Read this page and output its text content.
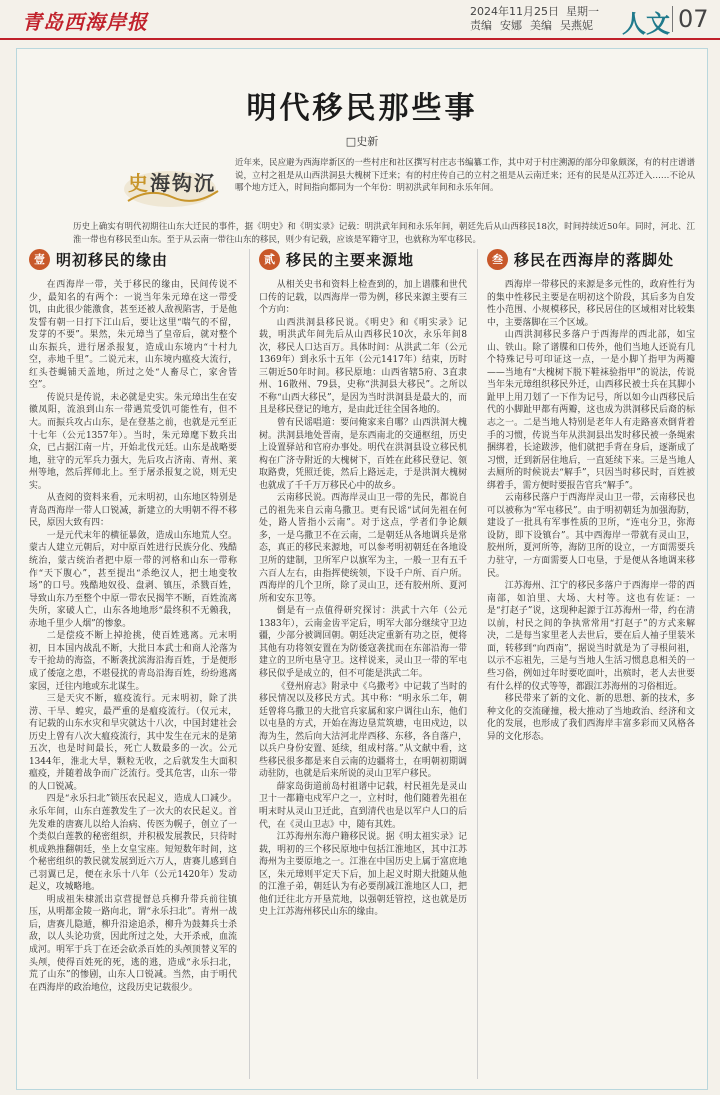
青岛西海岸报	2024年11月25日 星期一
责编 安娜 美编 吴燕妮	人文 07
明代移民那些事
□史新
史海钩沉
近年来，民应避为西海岸新区的一些村庄和社区撰写村庄志书编纂工作，其中对于村庄溯源的部分印象颇深，有的村庄谱谱说，立村之祖是从山西洪洞县大槐树下迁来；有的村庄传自己的立村之祖是从云南迁来；还有的民是从江苏迁入……不论从哪个地方迁入，时间指向都同为一个年份：明初洪武年间和永乐年间。
历史上确实有明代初期往山东大迁民的事件，据《明史》和《明实录》记载：明洪武年间和永乐年间，朝廷先后从山西移民18次，时间持续近50年。同时，河北、江淮一带也有移民至山东。至于从云南一带往山东的移民，则少有记载，应该是军籍守卫，也就称为军屯移民。
壹 明初移民的缘由

在西海岸一带，关于移民的缘由，民间传说不少，最知名的有两个：一说当年朱元璋在这一带受饥，由此很少能激食，甚至还被人敌视陷害，于是他发誓有朝一日打下江山后，要让这里“喘气的不留，发芽的不要”。果然，朱元璋当了皇帝后，就对整个山东振兵，进行屠杀报复，造成山东境内“十村九空，赤地千里”。二说元末，山东境内瘟疫大流行，红头苍蝇铺天盖地，所过之处“人畜尽亡，家舍皆空”。

传说只是传说，未必就是史实。朱元璋出生在安徽凤阳，流浪到山东一带遇荒受饥可能性有，但不大。而振兵攻占山东，是在登基之前，也就是元至正十七年（公元1357年）。当时，朱元璋麾下数兵出众，已占据江南一片，开始北伐元廷。山东是战略要地，驻守的元军兵力强大，先后攻占济南、青州、莱州等地，然后挥师北上。至于屠杀报复之说，则无史实。

从查阅的资料来看，元末明初，山东地区特别是青岛西海岸一带人口锐减，新建立的大明朝不得不移民，原因大致有四：

一是元代末年的横征暴敛，造成山东地荒人空。蒙古人建立元朝后，对中原百姓进行民族分化、残酷统治，蒙古统治者把中原一带的河格和山东一带称作“天下腹心”，甚至提出“杀绝汉人，把土地变牧场”的口号。残酷地奴役、盘剥、镇压，杀戮百姓，导致山东乃至整个中原一带农民揭竿不断，百姓流离失所，家破人亡，山东各地地形“最终积不无赖我，赤地千里少人烟”的惨象。

二是偿疫不断上掉抢挑，使百姓逃离。元末明初，日本国内战乱不断，大批日本武士和商人沦落为专干抢劫的海盗，不断袭扰滨海沿海百姓，于是便形成了倭寇之患，不堪侵扰的青岛沿海百姓，纷纷逃离家园，迁往内地或东北谋生。

三是天灾不断，瘟疫流行。元末明初，除了洪涝、干旱、蝗灾，最严重的是瘟疫流行。（仅元末，有记载的山东水灾和旱灾就达十八次，中国封建社会历史上曾有八次大瘟疫流行，其中发生在元末的是第五次，也是时间最长，死亡人数最多的一次。公元1344年，淮北大旱，颗粒无收，之后就发生大面积瘟疫，并随着战争而广泛流行。受其危害，山东一带的人口锐减。

四是“永乐扫北”锁压农民起义，造成人口减少。永乐年间，山东白莲教发生了一次大的农民起义。首先发难的唐赛儿以给人治病、传医为幌子，创立了一个类似白莲教的秘密组织，并积极发展教民，只待时机成熟推翻朝廷，坐上女皇宝座。短短数年时间，这个秘密组织的教民就发展到近六万人，唐赛儿感到自己羽翼已足，便在永乐十八年（公元1420年）发动起义，攻城略地。

明成祖朱棣派出京营提督总兵柳升带兵前往镇压，从明都金陵一路向北，谓“永乐扫北”。青州一战后，唐赛儿隐遁，柳升沿途追杀，柳升为鼓舞兵士杀敌，以人头论功赏，因此所过之处，大开杀戒，血流成河。明军于兵丁在还会砍杀百姓的头颅顶替义军的头颅，使得百姓死的死，逃的逃，造成“永乐扫北，荒了山东”的惨剧，山东人口锐减。当然，由于明代在西海岸的政治地位，这段历史记载很少。

贰 移民的主要来源地

从相关史书和资料上检查到的，加上谱牒和世代口传的记载，以西海岸一带为例，移民来源主要有三个方向：

山西洪洞县移民说。《明史》和《明实录》记载，明洪武年间先后从山西移民10次，永乐年间8次，移民人口达百万。具体时间：从洪武二年（公元1369年）到永乐十五年（公元1417年）结束，历时三朝近50年时间。移民原地：山西省辖5府、3直隶州、16散州、79县，史称“洪洞县大移民”。之所以不称“山西大移民”，是因为当时洪洞县是最大的，而且是移民登记的地方，是由此迁往全国各地的。

曾有民谣唱道：要问俺家来自哪？山西洪洞大槐树。洪洞县地处晋南，是东西南北的交通枢纽，历史上设置驿站和官府办事处。明代在洪洞县设立移民机构在广济寺附近的大槐树下，百姓在此移民登记、领取路费，凭照迁徙，然后上路远走，于是洪洞大槐树也就成了千千万万移民心中的故乡。

云南移民说。西海岸灵山卫一带的先民，都说自己的祖先来自云南乌撒卫。更有民谣“试问先祖在何处，路人皆指小云南”。对于这点，学者们争论颇多，一是乌撒卫不在云南，二是朝廷从各地调兵是常态，真正的移民来源地，可以参考明初朝廷在各地设卫所的建制，卫所军户以旗军为主，一般一卫有五千六百人左右，由指挥使统领，下设千户所、百户所。西海岸的几个卫所，除了灵山卫，还有胶州所、夏河所和安东卫等。

倒是有一点值得研究探讨：洪武十六年（公元1383年），云南金齿平定后，明军大部分继续守卫边疆，少部分被调回朝。朝廷决定重新有功之臣，便将其他有功将领安置在为防倭寇袭扰而在东部沿海一带建立的卫所屯垦守卫。这样说来，灵山卫一带的军屯移民似乎是成立的，但不可能是洪武二年。

《登州府志》附录中《乌撒考》中记载了当时的移民情况以及移民方式。其中称：“明永乐二年，朝廷曾将乌撒卫的大批官兵家属和家户调往山东，他们以屯垦的方式，开始在海边垦荒筑塘，屯田戍边，以海为生，然后向大沽河北岸西移、东移，各自落户，以兵户身份安置、延续，组成村落。”从文献中看，这些移民很多都是来自云南的边疆将士，在明朝初期调动驻防，也就是后来所说的灵山卫军户移民。

薛家岛街道前岛村祖谱中记载，村民祖先是灵山卫十一都籍屯戍军户之一，立村时，他们随着先祖在明末时从灵山卫迁此，直到清代也是以军户人口的后代，在《灵山卫志》中，随有其姓。

江苏海州东海户籍移民说。据《明太祖实录》记载，明初的三个移民原地中包括江淮地区，其中江苏海州为主要原地之一。江淮在中国历史上属于富庶地区，朱元璋则平定天下后，加上起义时期大批随从他的江淮子弟，朝廷认为有必要削减江淮地区人口，把他们迁往北方开垦荒地，以强朝廷管控，这也就是历史上江苏海州移民山东的缘由。

叁 移民在西海岸的落脚处

西海岸一带移民的来源是多元性的，政府性行为的集中性移民主要是在明初这个阶段，其后多为自发性小范围、小规模移民，移民居住的区域相对比较集中，主要落脚在三个区域。

山西洪洞移民多落户于西海岸的西北部，如宝山、铁山。除了谱牒和口传外，他们当地人还说有几个特殊记号可印证这一点，一是小脚丫指甲为两瓣——当地有“大槐树下脱下鞋袜验指甲”的说法，传说当年朱元璋组织移民外迁，山西移民被士兵在其脚小趾甲上用刀划了一下作为记号，所以如今山西移民后代的小脚趾甲都有两瓣，这也成为洪洞移民后裔的标志之一。二是当地人特别是老年人有走路喜欢倒背着手的习惯，传说当年从洪洞县出发时移民被一条绳索捆绑着，长途跋涉，他们就把手背在身后，逐渐成了习惯，迁到新居住地后，一直延续下来。三是当地人去厕所的时候说去“解手”，只因当时移民时，百姓被绑着手，需方便时要报告官兵“解手”。

云南移民落户于西海岸灵山卫一带，云南移民也可以被称为“军屯移民”。由于明初朝廷为加强海防，建设了一批具有军事性质的卫所，“连屯分卫，弥海设防，即下设镇台”。其中西海岸一带就有灵山卫，胶州所，夏河所等，海防卫所的设立，一方面需要兵力驻守，一方面需要人口屯垦，于是便从各地调来移民。

江苏海州、江宁的移民多落户于西海岸一带的西南部，如泊里、大场、大村等。这也有佐证：一是“打赵子”说，这现种起源于江苏海州一带，约在清以前，村民之间的争执常常用“打赵子”的方式来解决，二是每当家里老人去世后，要在后人袖子里装米面，转移到“向西南”，据说当时就是为了寻根问祖，以示不忘祖先，三是与当地人生活习惯息息相关的一些习俗，例如过年时要吃面叶，出殡时，老人去世要有什么样的仪式等等，都跟江苏海州的习俗相近。

移民带来了新的文化、新的思想、新的技术，多种文化的交流碰撞，极大推动了当地政治、经济和文化的发展，也形成了我们西海岸丰富多彩而又风格各异的文化形态。
